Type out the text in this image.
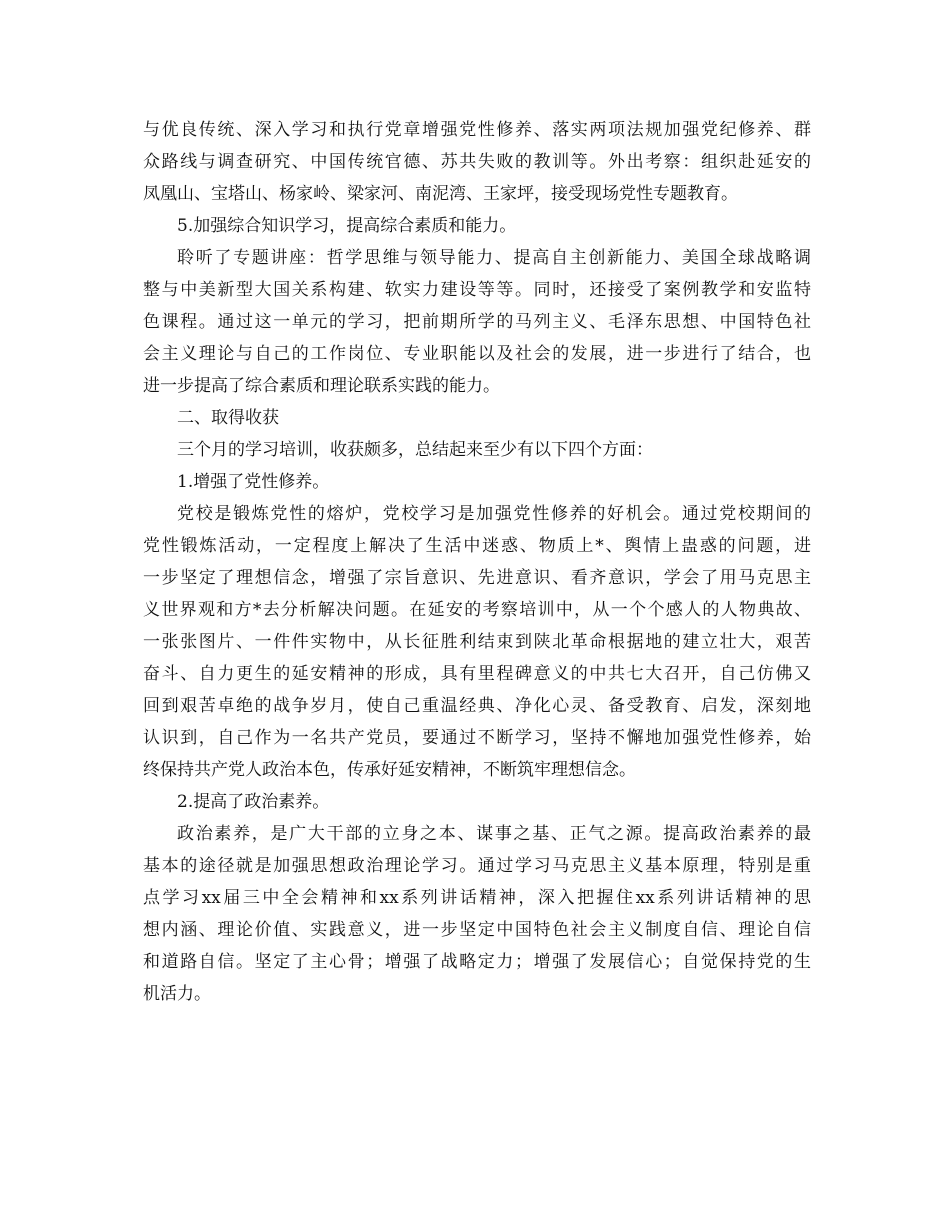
与优良传统、深入学习和执行党章增强党性修养、落实两项法规加强党纪修养、群
众路线与调查研究、中国传统官德、苏共失败的教训等。外出考察：组织赴延安的
凤凰山、宝塔山、杨家岭、梁家河、南泥湾、王家坪，接受现场党性专题教育。
5.加强综合知识学习，提高综合素质和能力。
聆听了专题讲座：哲学思维与领导能力、提高自主创新能力、美国全球战略调
整与中美新型大国关系构建、软实力建设等等。同时，还接受了案例教学和安监特
色课程。通过这一单元的学习，把前期所学的马列主义、毛泽东思想、中国特色社
会主义理论与自己的工作岗位、专业职能以及社会的发展，进一步进行了结合，也
进一步提高了综合素质和理论联系实践的能力。
二、取得收获
三个月的学习培训，收获颇多，总结起来至少有以下四个方面：
1.增强了党性修养。
党校是锻炼党性的熔炉，党校学习是加强党性修养的好机会。通过党校期间的
党性锻炼活动，一定程度上解决了生活中迷惑、物质上*、舆情上蛊惑的问题，进
一步坚定了理想信念，增强了宗旨意识、先进意识、看齐意识，学会了用马克思主
义世界观和方*去分析解决问题。在延安的考察培训中，从一个个感人的人物典故、
一张张图片、一件件实物中，从长征胜利结束到陕北革命根据地的建立壮大，艰苦
奋斗、自力更生的延安精神的形成，具有里程碑意义的中共七大召开，自己仿佛又
回到艰苦卓绝的战争岁月，使自己重温经典、净化心灵、备受教育、启发，深刻地
认识到，自己作为一名共产党员，要通过不断学习，坚持不懈地加强党性修养，始
终保持共产党人政治本色，传承好延安精神，不断筑牢理想信念。
2.提高了政治素养。
政治素养，是广大干部的立身之本、谋事之基、正气之源。提高政治素养的最
基本的途径就是加强思想政治理论学习。通过学习马克思主义基本原理，特别是重
点学习xx届三中全会精神和xx系列讲话精神，深入把握住xx系列讲话精神的思
想内涵、理论价值、实践意义，进一步坚定中国特色社会主义制度自信、理论自信
和道路自信。坚定了主心骨；增强了战略定力；增强了发展信心；自觉保持党的生
机活力。
